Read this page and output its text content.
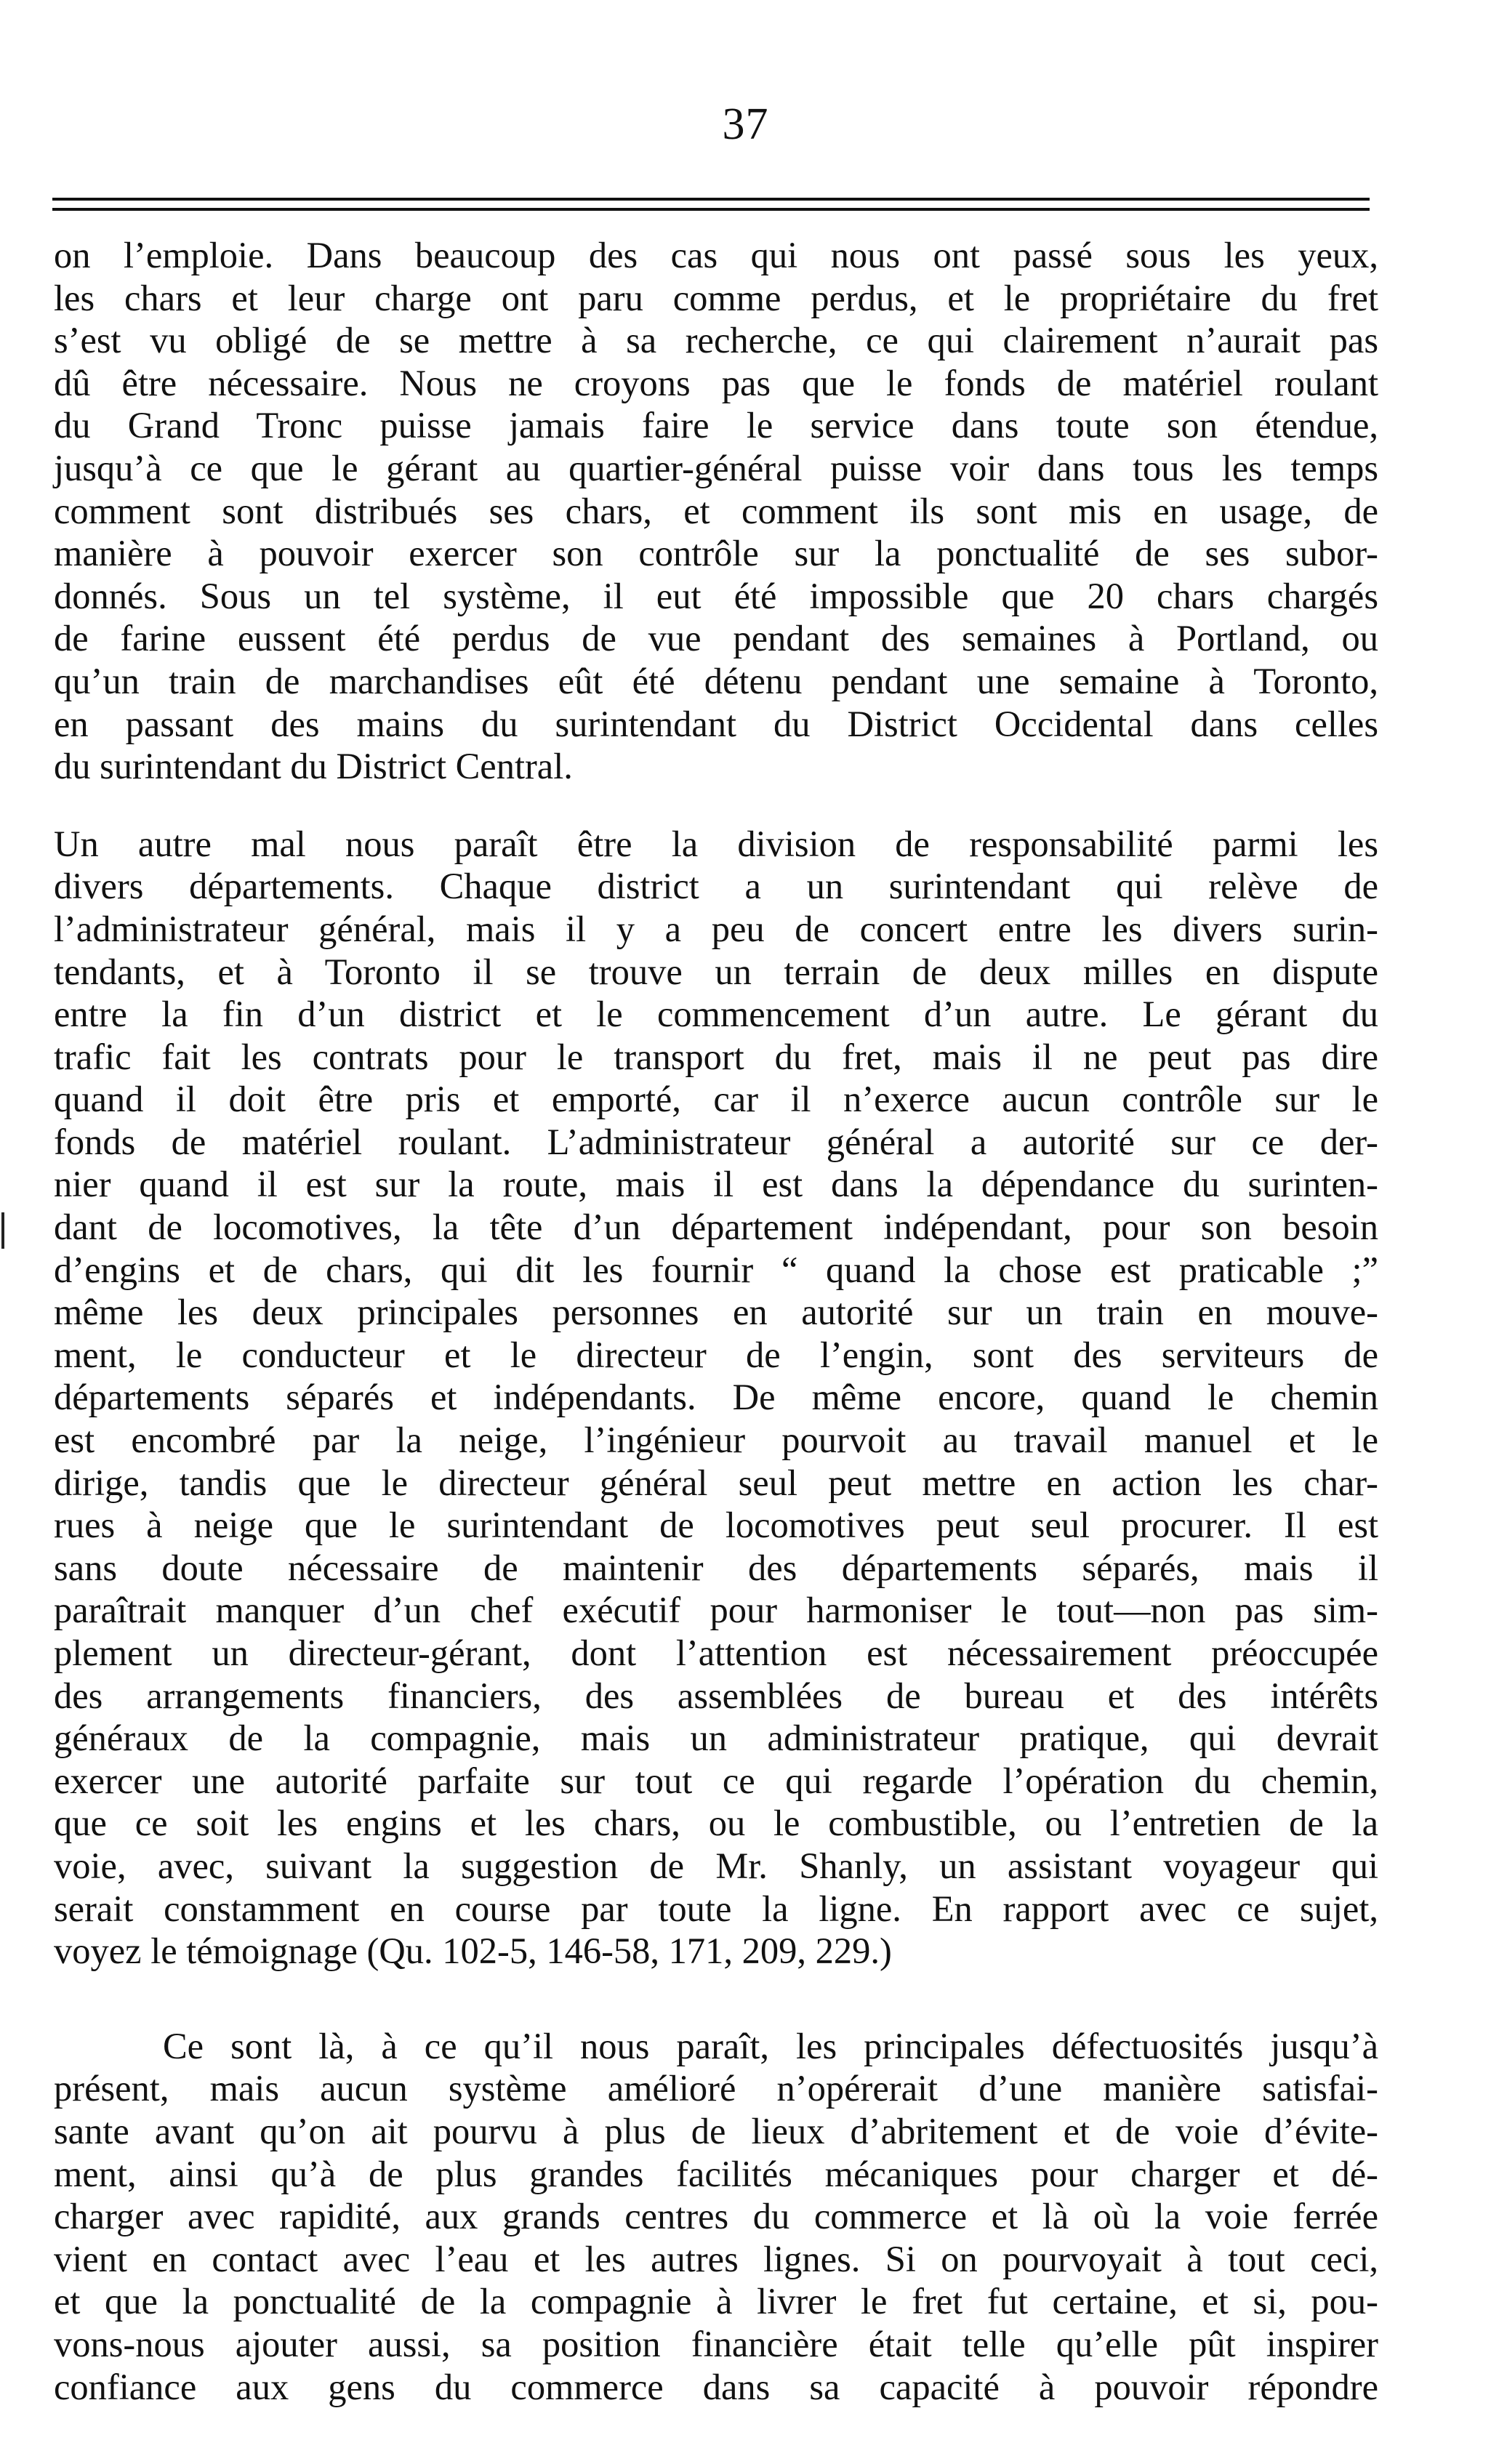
37
on l’emploie. Dans beaucoup des cas qui nous ont passé sous les yeux,
les chars et leur charge ont paru comme perdus, et le propriétaire du fret
s’est vu obligé de se mettre à sa recherche, ce qui clairement n’aurait pas
dû être nécessaire. Nous ne croyons pas que le fonds de matériel roulant
du Grand Tronc puisse jamais faire le service dans toute son étendue,
jusqu’à ce que le gérant au quartier-général puisse voir dans tous les temps
comment sont distribués ses chars, et comment ils sont mis en usage, de
manière à pouvoir exercer son contrôle sur la ponctualité de ses subor-
donnés. Sous un tel système, il eut été impossible que 20 chars chargés
de farine eussent été perdus de vue pendant des semaines à Portland, ou
qu’un train de marchandises eût été détenu pendant une semaine à Toronto,
en passant des mains du surintendant du District Occidental dans celles
du surintendant du District Central.
Un autre mal nous paraît être la division de responsabilité parmi les
divers départements. Chaque district a un surintendant qui relève de
l’administrateur général, mais il y a peu de concert entre les divers surin-
tendants, et à Toronto il se trouve un terrain de deux milles en dispute
entre la fin d’un district et le commencement d’un autre. Le gérant du
trafic fait les contrats pour le transport du fret, mais il ne peut pas dire
quand il doit être pris et emporté, car il n’exerce aucun contrôle sur le
fonds de matériel roulant. L’administrateur général a autorité sur ce der-
nier quand il est sur la route, mais il est dans la dépendance du surinten-
dant de locomotives, la tête d’un département indépendant, pour son besoin
d’engins et de chars, qui dit les fournir “ quand la chose est praticable ;”
même les deux principales personnes en autorité sur un train en mouve-
ment, le conducteur et le directeur de l’engin, sont des serviteurs de
départements séparés et indépendants. De même encore, quand le chemin
est encombré par la neige, l’ingénieur pourvoit au travail manuel et le
dirige, tandis que le directeur général seul peut mettre en action les char-
rues à neige que le surintendant de locomotives peut seul procurer. Il est
sans doute nécessaire de maintenir des départements séparés, mais il
paraîtrait manquer d’un chef exécutif pour harmoniser le tout—non pas sim-
plement un directeur-gérant, dont l’attention est nécessairement préoccupée
des arrangements financiers, des assemblées de bureau et des intérêts
généraux de la compagnie, mais un administrateur pratique, qui devrait
exercer une autorité parfaite sur tout ce qui regarde l’opération du chemin,
que ce soit les engins et les chars, ou le combustible, ou l’entretien de la
voie, avec, suivant la suggestion de Mr. Shanly, un assistant voyageur qui
serait constamment en course par toute la ligne. En rapport avec ce sujet,
voyez le témoignage (Qu. 102-5, 146-58, 171, 209, 229.)
Ce sont là, à ce qu’il nous paraît, les principales défectuosités jusqu’à
présent, mais aucun système amélioré n’opérerait d’une manière satisfai-
sante avant qu’on ait pourvu à plus de lieux d’abritement et de voie d’évite-
ment, ainsi qu’à de plus grandes facilités mécaniques pour charger et dé-
charger avec rapidité, aux grands centres du commerce et là où la voie ferrée
vient en contact avec l’eau et les autres lignes. Si on pourvoyait à tout ceci,
et que la ponctualité de la compagnie à livrer le fret fut certaine, et si, pou-
vons-nous ajouter aussi, sa position financière était telle qu’elle pût inspirer
confiance aux gens du commerce dans sa capacité à pouvoir répondre
